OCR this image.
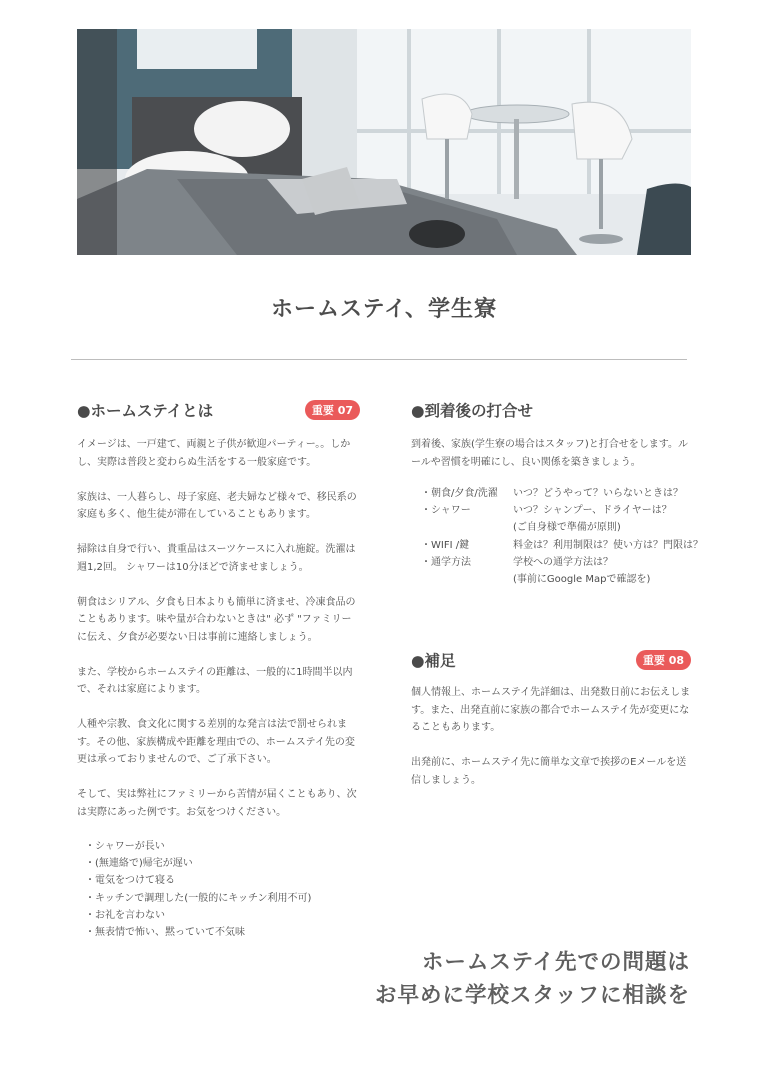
ホームステイ、学生寮
●ホームステイとは	重要 07

イメージは、一戸建て、両親と子供が歓迎パーティー。。しかし、実際は普段と変わらぬ生活をする一般家庭です。

家族は、一人暮らし、母子家庭、老夫婦など様々で、移民系の家庭も多く、他生徒が滞在していることもあります。

掃除は自身で行い、貴重品はスーツケースに入れ施錠。洗濯は週1,2回。 シャワーは10分ほどで済ませましょう。

朝食はシリアル、夕食も日本よりも簡単に済ませ、冷凍食品のこともあります。味や量が合わないときは" 必ず "ファミリーに伝え、夕食が必要ない日は事前に連絡しましょう。

また、学校からホームステイの距離は、一般的に1時間半以内で、それは家庭によります。

人種や宗教、食文化に関する差別的な発言は法で罰せられます。その他、家族構成や距離を理由での、ホームステイ先の変更は承っておりませんので、ご了承下さい。

そして、実は弊社にファミリーから苦情が届くこともあり、次は実際にあった例です。お気をつけください。

・シャワーが長い
・(無連絡で)帰宅が遅い
・電気をつけて寝る
・キッチンで調理した(一般的にキッチン利用不可)
・お礼を言わない
・無表情で怖い、黙っていて不気味
●到着後の打合せ

到着後、家族(学生寮の場合はスタッフ)と打合せをします。ルールや習慣を明確にし、良い関係を築きましょう。

・朝食/夕食/洗濯	いつ？どうやって？いらないときは？
・シャワー	いつ？シャンプー、ドライヤーは？
(ご自身様で準備が原則)
・WIFI /鍵	料金は？利用制限は？使い方は？門限は？
・通学方法	学校への通学方法は？
(事前にGoogle Mapで確認を)
●補足	重要 08

個人情報上、ホームステイ先詳細は、出発数日前にお伝えします。また、出発直前に家族の都合でホームステイ先が変更になることもあります。

出発前に、ホームステイ先に簡単な文章で挨拶のEメールを送信しましょう。

ホームステイ先での問題は
お早めに学校スタッフに相談を
